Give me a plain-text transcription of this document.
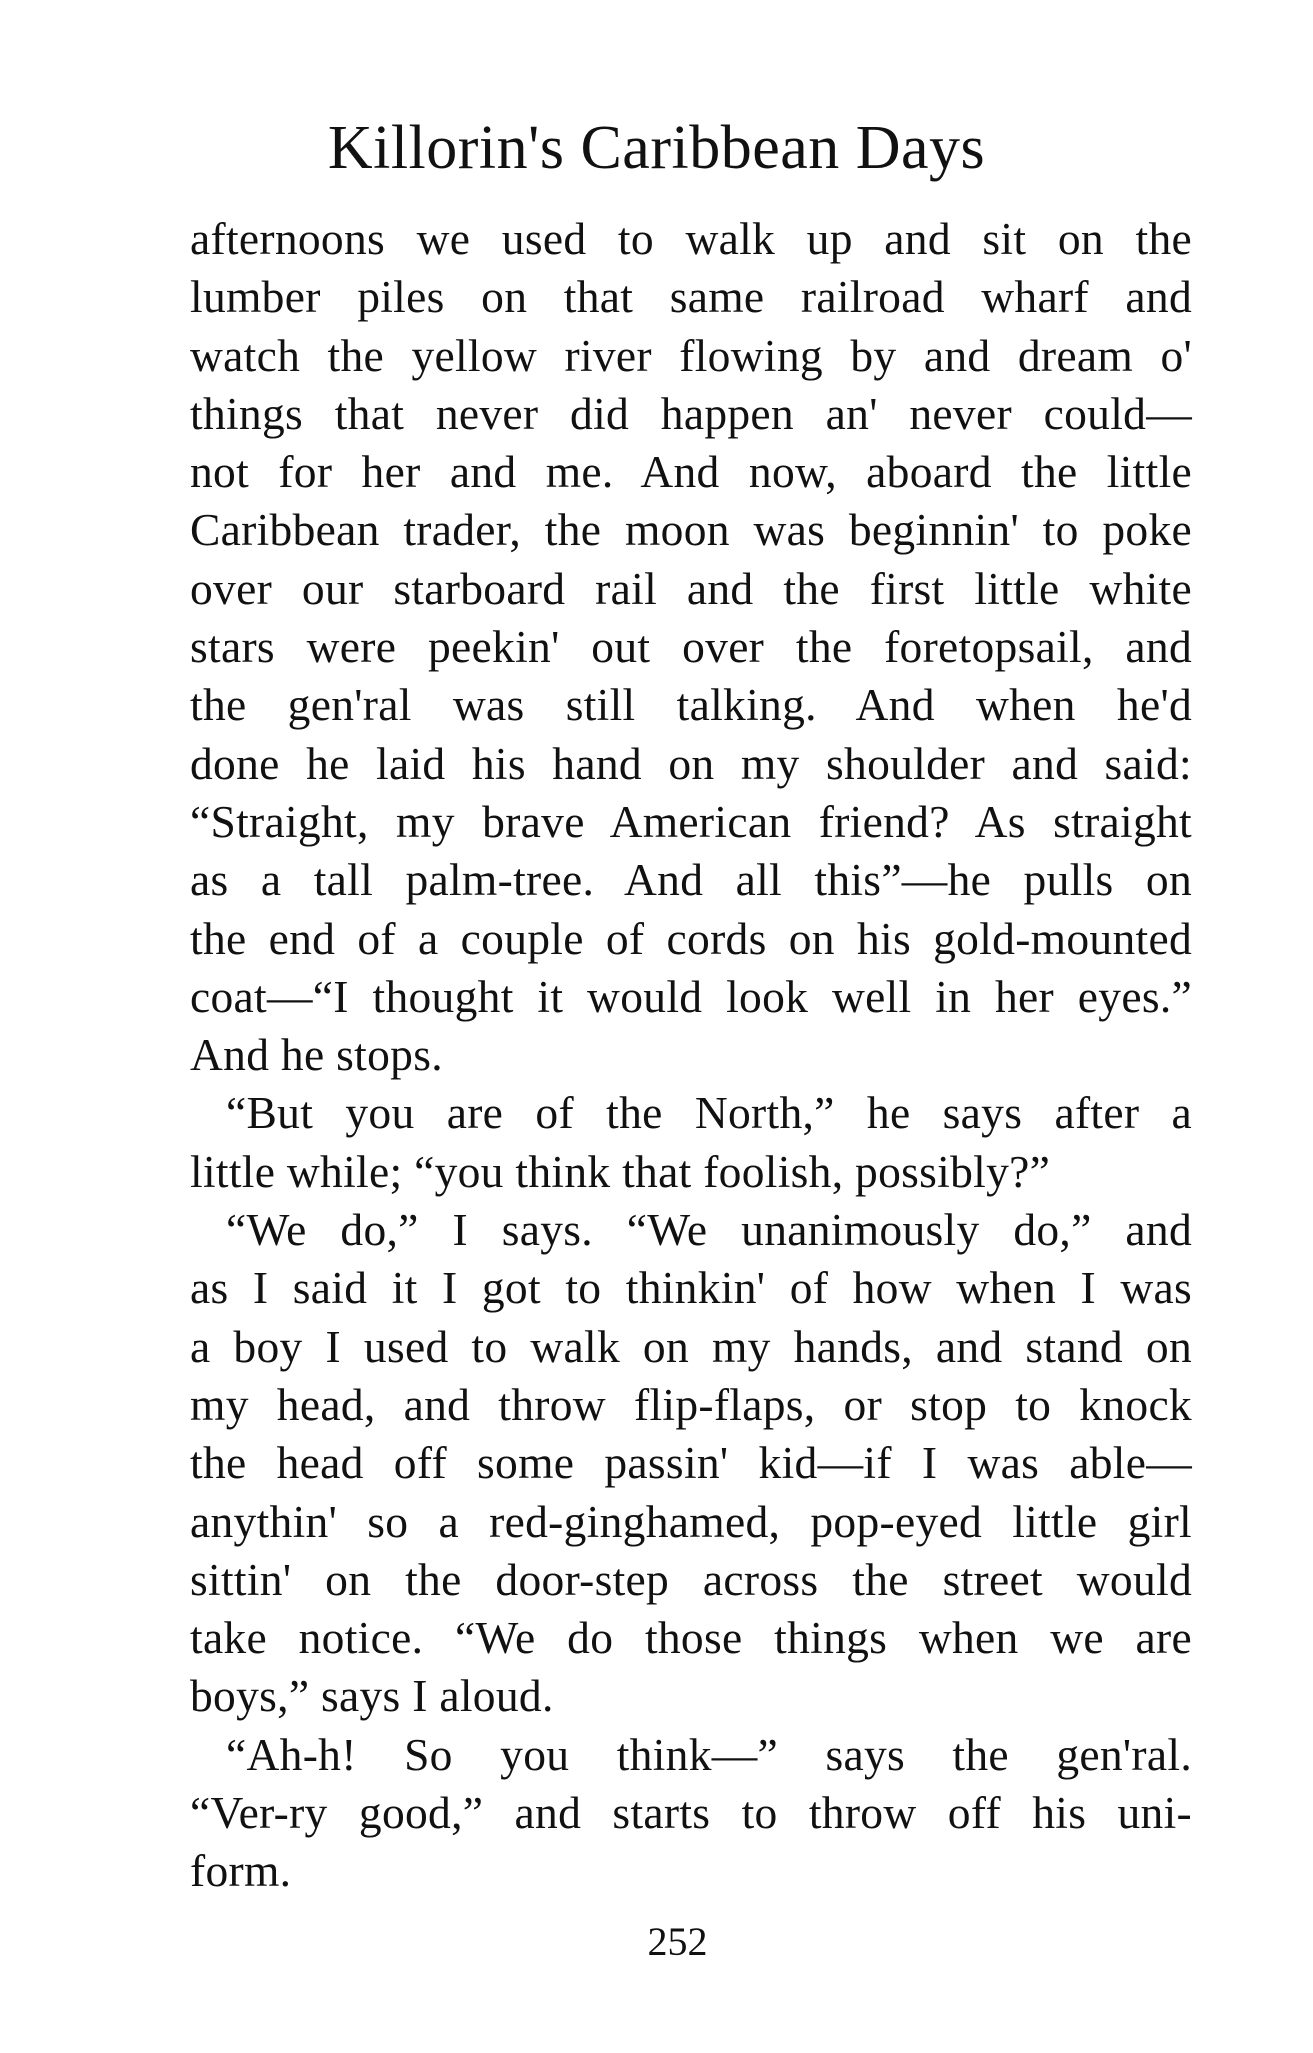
Killorin's Caribbean Days
afternoons we used to walk up and sit on the
lumber piles on that same railroad wharf and
watch the yellow river flowing by and dream o'
things that never did happen an' never could—
not for her and me. And now, aboard the little
Caribbean trader, the moon was beginnin' to poke
over our starboard rail and the first little white
stars were peekin' out over the foretopsail, and
the gen'ral was still talking. And when he'd
done he laid his hand on my shoulder and said:
“Straight, my brave American friend? As straight
as a tall palm-tree. And all this”—he pulls on
the end of a couple of cords on his gold-mounted
coat—“I thought it would look well in her eyes.”
And he stops.
“But you are of the North,” he says after a
little while; “you think that foolish, possibly?”
“We do,” I says. “We unanimously do,” and
as I said it I got to thinkin' of how when I was
a boy I used to walk on my hands, and stand on
my head, and throw flip-flaps, or stop to knock
the head off some passin' kid—if I was able—
anythin' so a red-ginghamed, pop-eyed little girl
sittin' on the door-step across the street would
take notice. “We do those things when we are
boys,” says I aloud.
“Ah-h! So you think—” says the gen'ral.
“Ver-ry good,” and starts to throw off his uni-
form.
252
